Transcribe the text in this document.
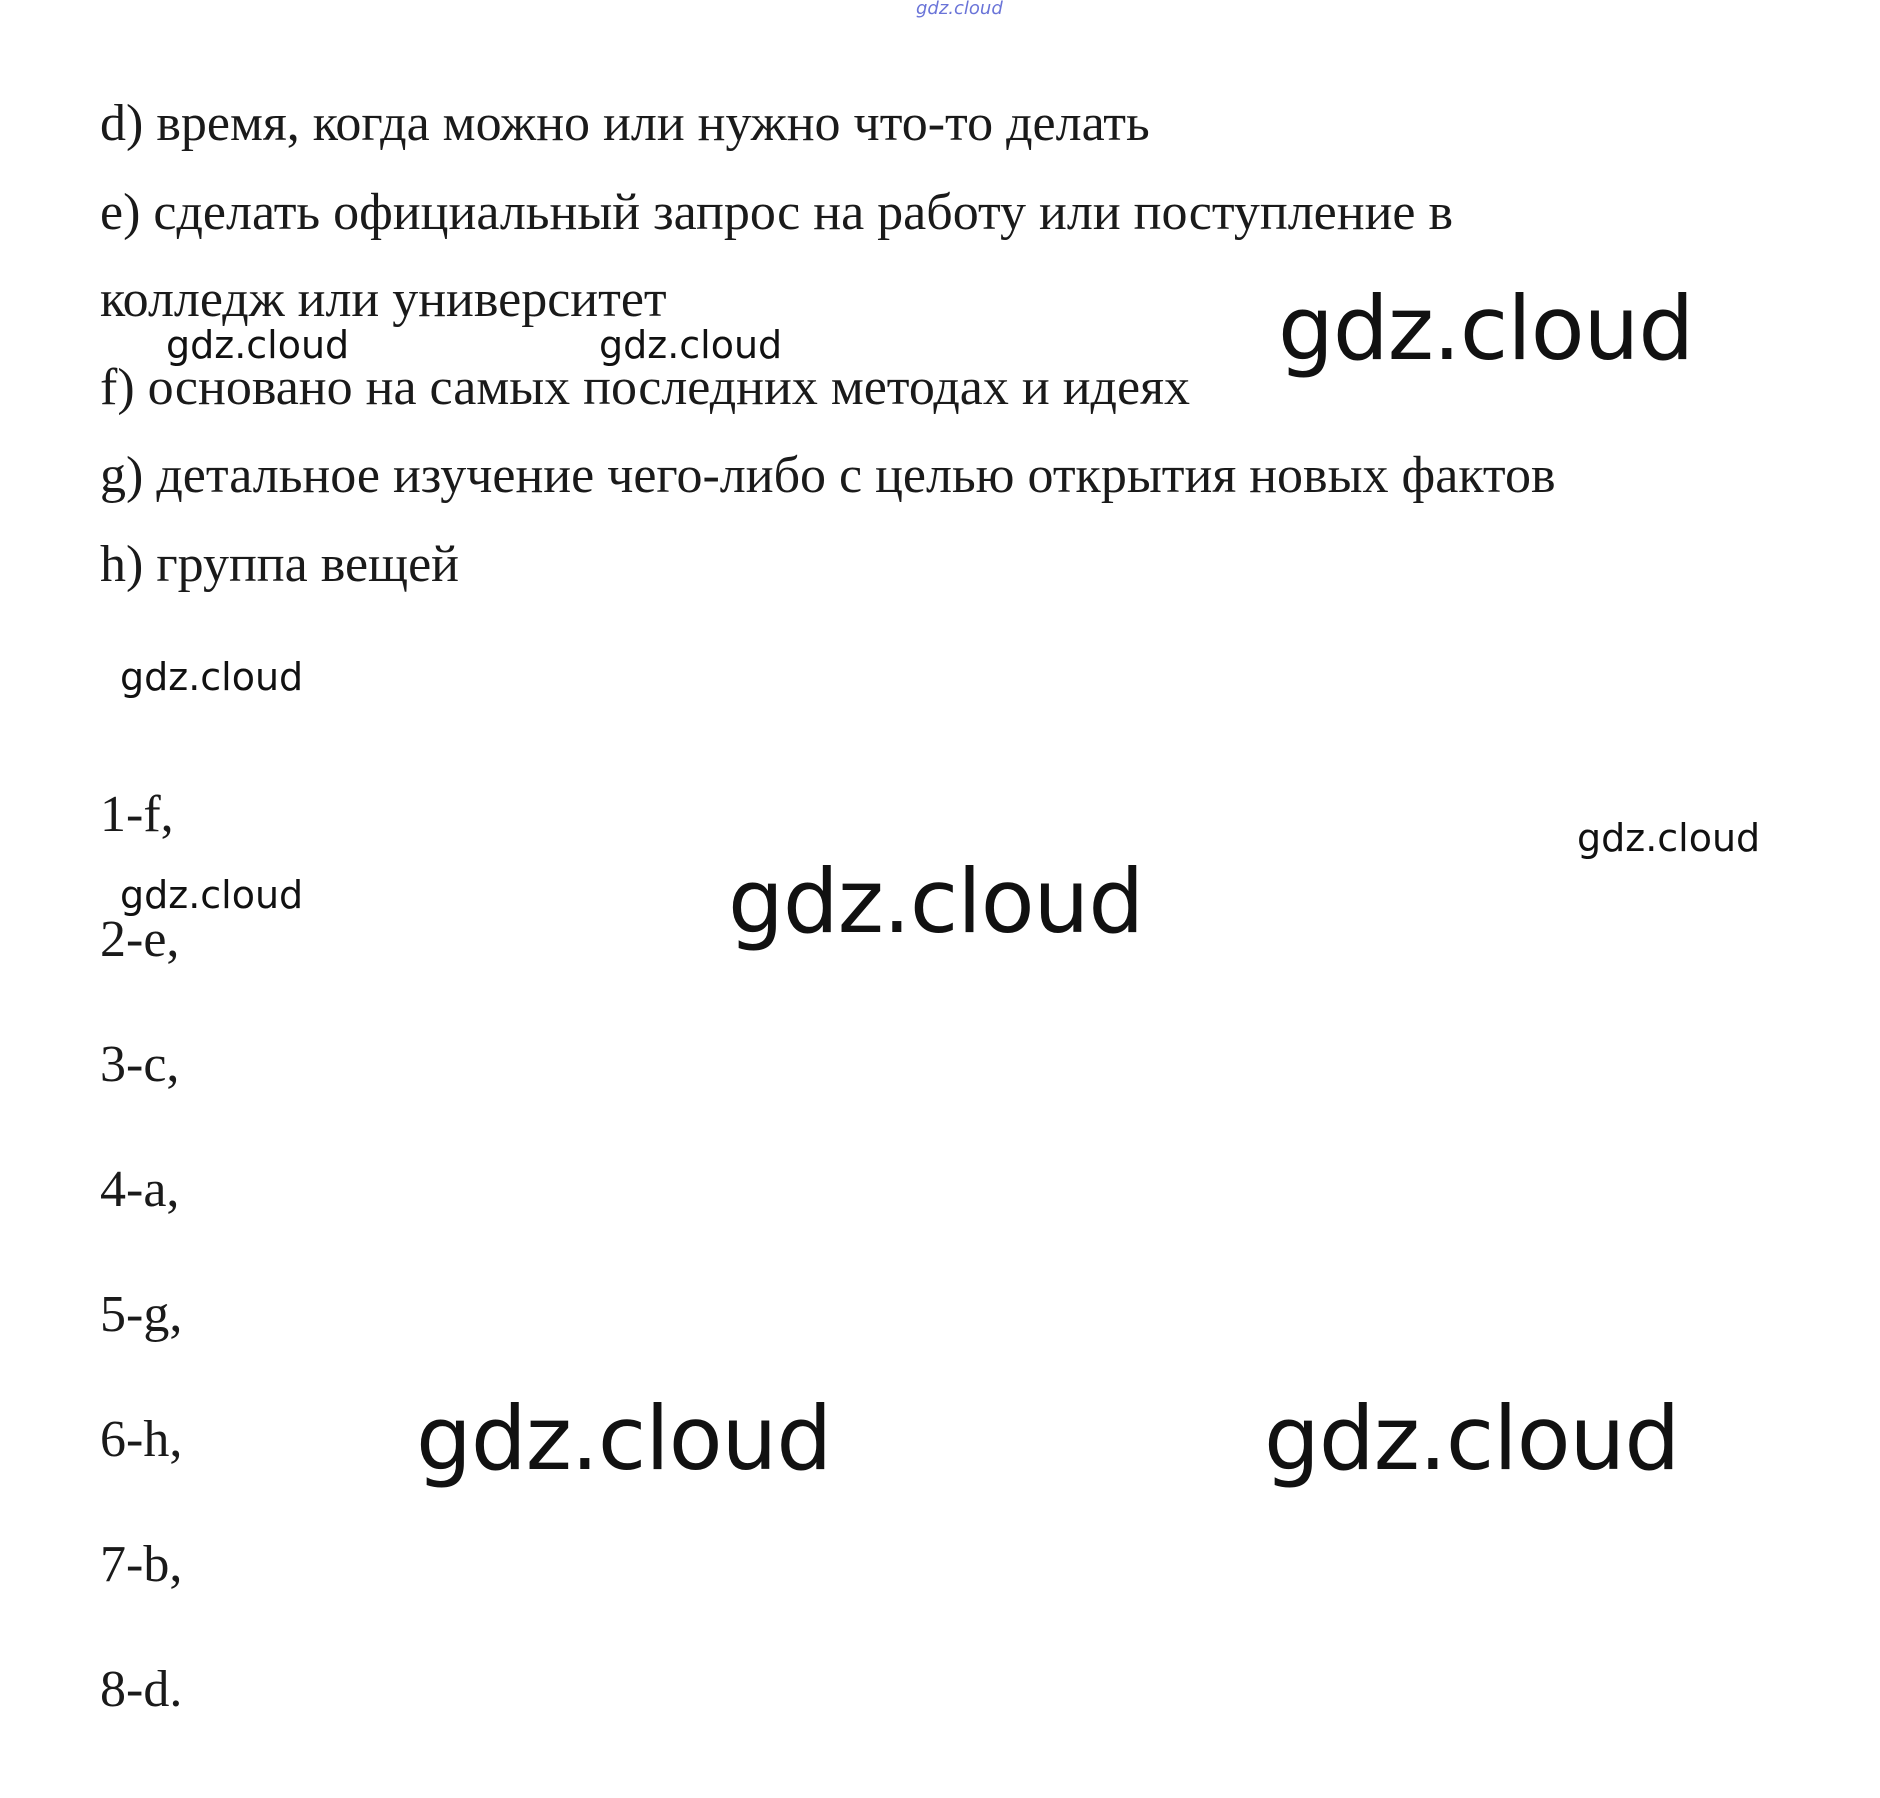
gdz.cloud

d) время, когда можно или нужно что-то делать

e) сделать официальный запрос на работу или поступление в

колледж или университет

f) основано на самых последних методах и идеях

g) детальное изучение чего-либо с целью открытия новых фактов

h) группа вещей

gdz.cloud	gdz.cloud	gdz.cloud
gdz.cloud

1-f,

2-e,

3-c,

4-a,

5-g,

6-h,

7-b,

8-d.

gdz.cloud
gdz.cloud	gdz.cloud
gdz.cloud	gdz.cloud
